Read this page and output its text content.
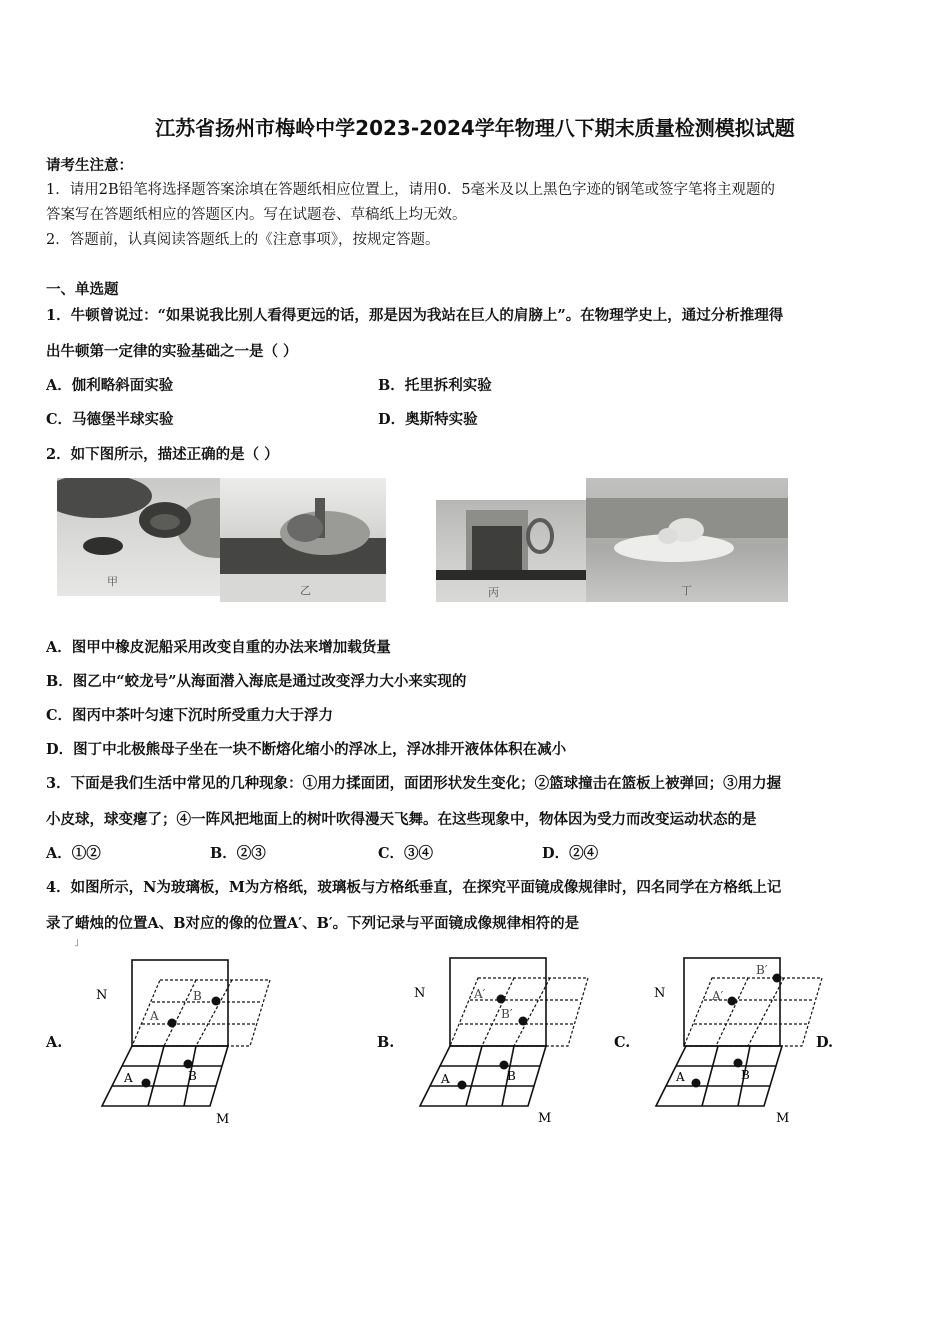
江苏省扬州市梅岭中学2023-2024学年物理八下期末质量检测模拟试题
请考生注意：
1．请用2B铅笔将选择题答案涂填在答题纸相应位置上，请用0．5毫米及以上黑色字迹的钢笔或签字笔将主观题的
答案写在答题纸相应的答题区内。写在试题卷、草稿纸上均无效。
2．答题前，认真阅读答题纸上的《注意事项》，按规定答题。
一、单选题
1．牛顿曾说过：“如果说我比别人看得更远的话，那是因为我站在巨人的肩膀上”。在物理学史上，通过分析推理得
出牛顿第一定律的实验基础之一是（ ）
A．伽利略斜面实验	B．托里拆利实验
C．马德堡半球实验	D．奥斯特实验
2．如下图所示，描述正确的是（ ）
甲
乙	丙	丁
A．图甲中橡皮泥船采用改变自重的办法来增加载货量
B．图乙中“蛟龙号”从海面潜入海底是通过改变浮力大小来实现的
C．图丙中茶叶匀速下沉时所受重力大于浮力
D．图丁中北极熊母子坐在一块不断熔化缩小的浮冰上，浮冰排开液体体积在减小
3．下面是我们生活中常见的几种现象：①用力揉面团，面团形状发生变化；②篮球撞击在篮板上被弹回；③用力握
小皮球，球变瘪了；④一阵风把地面上的树叶吹得漫天飞舞。在这些现象中，物体因为受力而改变运动状态的是
A．①②	B．②③	C．③④	D．②④
4．如图所示，N为玻璃板，M为方格纸，玻璃板与方格纸垂直，在探究平面镜成像规律时，四名同学在方格纸上记
录了蜡烛的位置A、B对应的像的位置A′、B′。下列记录与平面镜成像规律相符的是
˩
A.	B.	C.	D.
A	B
A
B
N
M
A	B
A′
B′
N
M
A	B
A′
B′
N
M
